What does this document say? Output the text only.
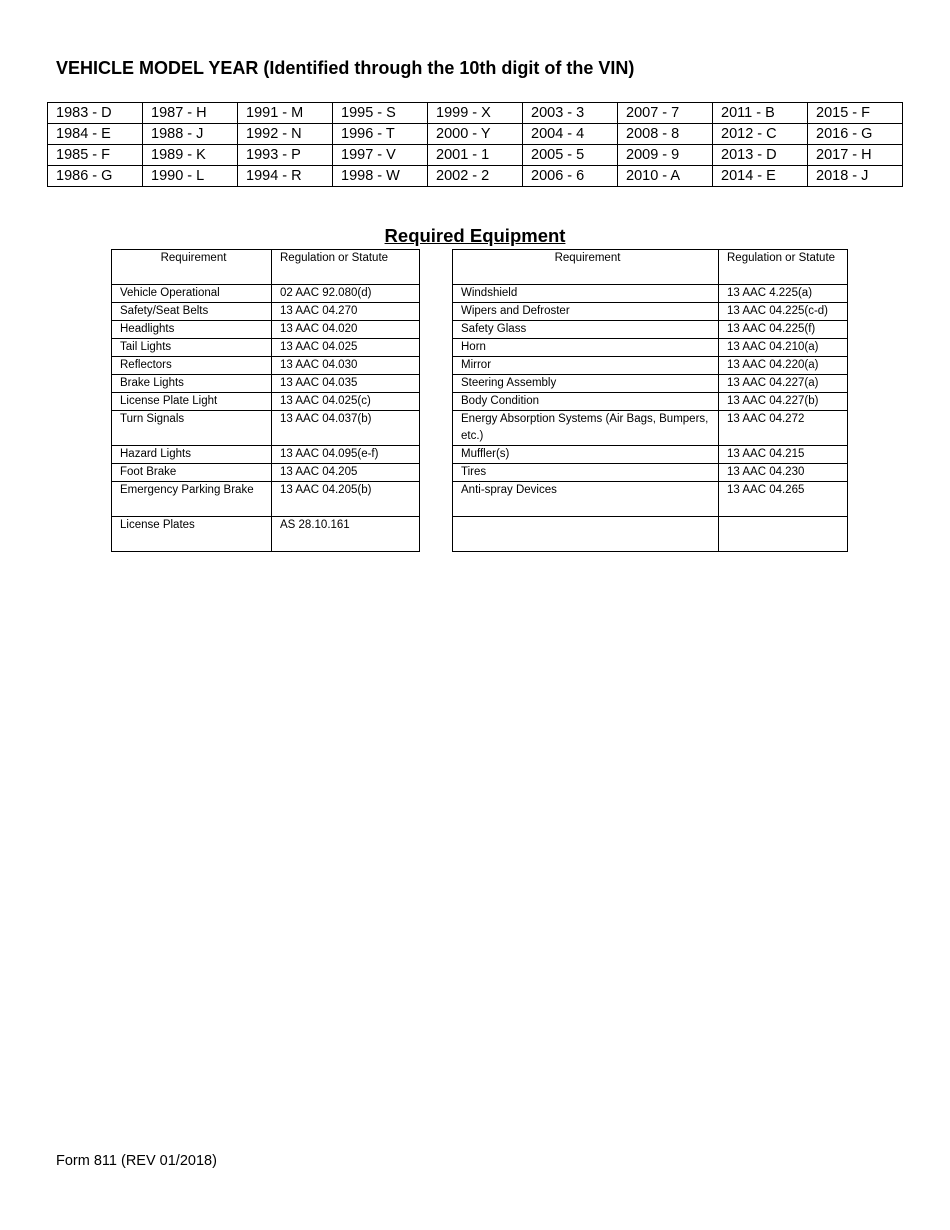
VEHICLE MODEL YEAR (Identified through the 10th digit of the VIN)
1983 - D	1987 - H	1991 - M	1995 - S	1999 - X	2003 - 3	2007 - 7	2011 - B	2015 - F
1984 - E	1988 - J	1992 - N	1996 - T	2000 - Y	2004 - 4	2008 - 8	2012 - C	2016 - G
1985 - F	1989 - K	1993 - P	1997 - V	2001 - 1	2005 - 5	2009 - 9	2013 - D	2017 - H
1986 - G	1990 - L	1994 - R	1998 - W	2002 - 2	2006 - 6	2010 - A	2014 - E	2018 - J
Required Equipment
Requirement	Regulation or Statute
Vehicle Operational	02 AAC 92.080(d)
Safety/Seat Belts	13 AAC 04.270
Headlights	13 AAC 04.020
Tail Lights	13 AAC 04.025
Reflectors	13 AAC 04.030
Brake Lights	13 AAC 04.035
License Plate Light	13 AAC 04.025(c)
Turn Signals	13 AAC 04.037(b)
Hazard Lights	13 AAC 04.095(e-f)
Foot Brake	13 AAC 04.205
Emergency Parking Brake	13 AAC 04.205(b)
License Plates	AS 28.10.161
Requirement	Regulation or Statute
Windshield	13 AAC 4.225(a)
Wipers and Defroster	13 AAC 04.225(c-d)
Safety Glass	13 AAC 04.225(f)
Horn	13 AAC 04.210(a)
Mirror	13 AAC 04.220(a)
Steering Assembly	13 AAC 04.227(a)
Body Condition	13 AAC 04.227(b)
Energy Absorption Systems (Air Bags, Bumpers, etc.)	13 AAC 04.272
Muffler(s)	13 AAC 04.215
Tires	13 AAC 04.230
Anti-spray Devices	13 AAC 04.265

Form 811 (REV 01/2018)
